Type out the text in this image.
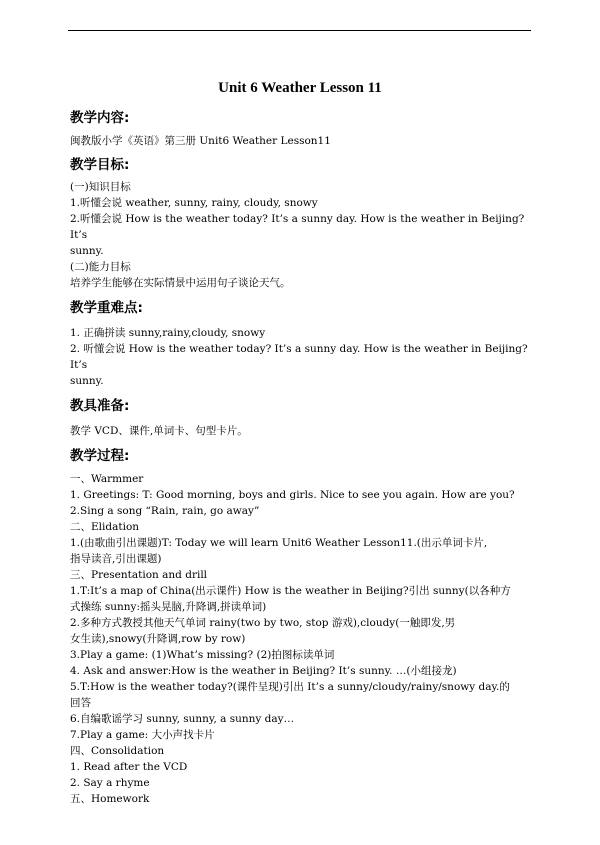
Unit 6 Weather Lesson 11
教学内容:
闽教版小学《英语》第三册 Unit6 Weather Lesson11
教学目标:
(一)知识目标
1.听懂会说 weather, sunny, rainy, cloudy, snowy
2.听懂会说 How is the weather today? It’s a sunny day. How is the weather in Beijing? It’s
sunny.
(二)能力目标
培养学生能够在实际情景中运用句子谈论天气。
教学重难点:
1. 正确拼读 sunny,rainy,cloudy, snowy
2. 听懂会说 How is the weather today? It’s a sunny day. How is the weather in Beijing? It’s
sunny.
教具准备:
教学 VCD、课件,单词卡、句型卡片。
教学过程:
一、Warmmer
1. Greetings: T: Good morning, boys and girls. Nice to see you again. How are you?
2.Sing a song “Rain, rain, go away”
二、Elidation
1.(由歌曲引出课题)T: Today we will learn Unit6 Weather Lesson11.(出示单词卡片,
指导读音,引出课题)
三、Presentation and drill
1.T:It’s a map of China(出示课件) How is the weather in Beijing?引出 sunny(以各种方
式操练 sunny:摇头晃脑,升降调,拼读单词)
2.多种方式教授其他天气单词 rainy(two by two, stop 游戏),cloudy(一触即发,男
女生读),snowy(升降调,row by row)
3.Play a game: (1)What’s missing? (2)拍图标读单词
4. Ask and answer:How is the weather in Beijing? It’s sunny. …(小组接龙)
5.T:How is the weather today?(课件呈现)引出 It’s a sunny/cloudy/rainy/snowy day.的
回答
6.自编歌谣学习 sunny, sunny, a sunny day…
7.Play a game: 大小声找卡片
四、Consolidation
1. Read after the VCD
2. Say a rhyme
五、Homework
